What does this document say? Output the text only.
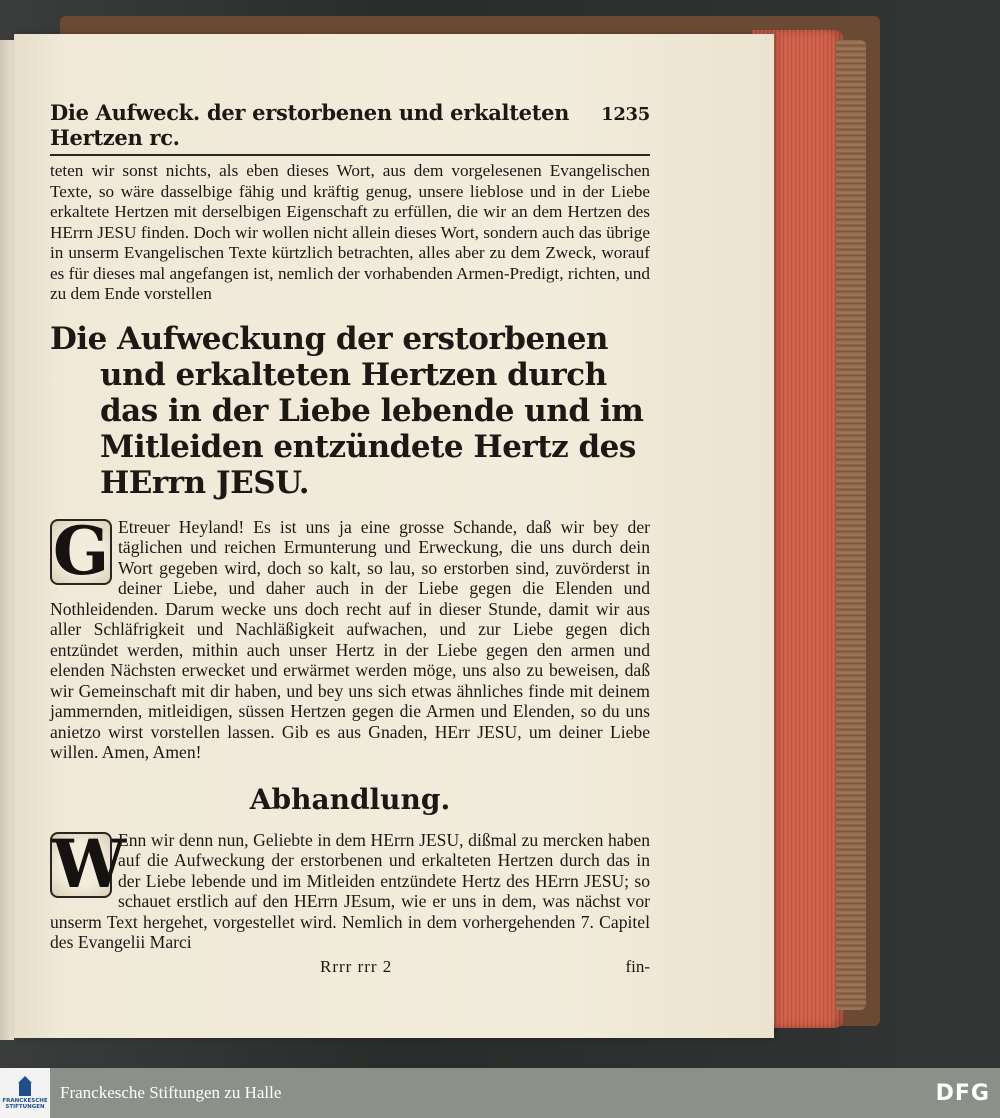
Die Aufweck. der erstorbenen und erkalteten Hertzen rc.
1235

teten wir sonst nichts, als eben dieses Wort, aus dem vorgelesenen Evangelischen Texte, so wäre dasselbige fähig und kräftig genug, unsere lieblose und in der Liebe erkaltete Hertzen mit derselbigen Eigenschaft zu erfüllen, die wir an dem Hertzen des HErrn JESU finden. Doch wir wollen nicht allein dieses Wort, sondern auch das übrige in unserm Evangelischen Texte kürtzlich betrachten, alles aber zu dem Zweck, worauf es für dieses mal angefangen ist, nemlich der vorhabenden Armen-Predigt, richten, und zu dem Ende vorstellen

Die Aufweckung der erstorbenen und erkalteten Hertzen durch das in der Liebe lebende und im Mitleiden entzündete Hertz des HErrn JESU.
G Etreuer Heyland! Es ist uns ja eine grosse Schande, daß wir bey der täglichen und reichen Ermunterung und Erweckung, die uns durch dein Wort gegeben wird, doch so kalt, so lau, so erstorben sind, zuvörderst in deiner Liebe, und daher auch in der Liebe gegen die Elenden und Nothleidenden. Darum wecke uns doch recht auf in dieser Stunde, damit wir aus aller Schläfrigkeit und Nachläßigkeit aufwachen, und zur Liebe gegen dich entzündet werden, mithin auch unser Hertz in der Liebe gegen den armen und elenden Nächsten erwecket und erwärmet werden möge, uns also zu beweisen, daß wir Gemeinschaft mit dir haben, und bey uns sich etwas ähnliches finde mit deinem jammernden, mitleidigen, süssen Hertzen gegen die Armen und Elenden, so du uns anietzo wirst vorstellen lassen. Gib es aus Gnaden, HErr JESU, um deiner Liebe willen. Amen, Amen!

Abhandlung.
W

Enn wir denn nun, Geliebte in dem HErrn JESU, dißmal zu mercken haben auf die Aufweckung der erstorbenen und erkalteten Hertzen durch das in der Liebe lebende und im Mitleiden entzündete Hertz des HErrn JESU; so schauet erstlich auf den HErrn JEsum, wie er uns in dem, was nächst vor unserm Text hergehet, vorgestellet wird. Nemlich in dem vorhergehenden 7. Capitel des Evangelii Marci

Rrrr rrr 2	fin-
FRANCKESCHE
STIFTUNGEN
Franckesche Stiftungen zu Halle	DFG
